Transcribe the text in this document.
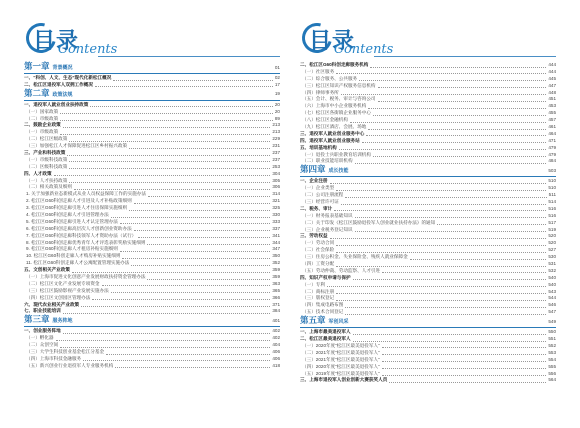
目录
Contents
第一章 背景概况	01
一、“科创、人文、生态”现代化新松江概况	02
二、松江区退役军人双拥工作概况	17
第二章 政策法规	19
一、退役军人就业创业扶持政策	20
（一）国家政策	20
（二）市级政策	89
二、鼓励企业政策	213
（一）市级政策	213
（二）松江区级政策	229
（三）加强松江人才保障促进松江区乡村振兴政策	231
三、产业和科技政策	237
（一）市级科技政策	237
（二）区级科技政策	253
四、人才政策	304
（一）人才扶持政策	305
（二）相关政策及细则	306
1. 关于加强新业态新模式从业人员权益保障工作的实施办法	314
2. 松江区G60科创走廊人才引进及人才补贴政策细则	321
3. 松江区G60科创走廊引进人才住房保障实施细则	325
4. 松江区G60科创走廊人才引进管理办法	330
5. 松江区G60科创走廊引进人才认定管理办法	333
6. 松江区G60科创走廊高层次人才创新创业资助办法	337
7. 松江区G60科创走廊科技领军人才资助办法（试行）	341
8. 松江区G60科创走廊优秀青年人才评选表彰奖励实施细则	344
9. 松江区G60科创走廊人才租房补贴实施细则	347
10. 松江区G60科创走廊人才购房补贴实施细则	350
11. 松江区G60科创走廊人才公寓配置管理实施办法	352
五、文创相关产业政策	359
（一）上海市促进文化创意产业发展财政扶持资金管理办法	359
（二）松江区文化产业发展专项资金	363
（三）松江区鼓励影视产业发展实施办法	365
（四）松江区文创园区管理办法	366
六、现代农业相关产业政策	371
七、职业技能培训	384
第三章 服务阵地	401
一、创业服务阵地	402
（一）孵化器	402
（二）众创空间	404
（三）大学生科技创业基金松江分基金	406
（四）上海市科技金融服务	406
（五）新兴创业行业退役军人专业服务机构	418
目录
Contents
二、松江区G60科创走廊服务机构	444
（一）社区服务	444
（二）综合服务、公共服务	445
（三）松江区知识产权服务信息机构	447
（四）律师事务所	448
（五）会计、税务、审计与咨询公司	451
（六）上海市中小企业服务机构	453
（七）松江区各街镇企业服务中心	455
（八）松江区金融机构	457
（九）松江区酒店、会展、场地	461
三、退役军人就业创业服务中心	464
四、退役军人就业创业服务站	471
五、培训基地机构	479
（一）退役士兵职业教育培训机构	479
（二）职业技能培训机构	484
第四章 成长技能	503
一、企业注册	510
（一）企业类型	510
（二）公司注册流程	511
（三）经营许可证	514
二、税务、审计	516
（一）财务报表基础知识	516
（二）关于印发《松江区鼓励退役军人创业就业扶持办法》的通知	517
（三）企业税务登记知识	519
三、劳动权益	520
（一）劳动合同	520
（二）社会保险	527
（三）住房公积金、失业保险金、残疾人就业保障金	530
（四）工资分配	531
（五）劳动仲裁、劳动监察、人才引进	532
四、知识产权申请与保护	540
（一）专利	540
（二）商标注册	543
（三）版权登记	544
（四）集成电路布图	546
（五）技术合同登记	547
第五章 军创风采	549
一、上海市最美退役军人	550
二、松江区最美退役军人	551
（一）2020年度“松江区最美退役军人”	552
（二）2021年度“松江区最美退役军人”	553
（三）2021年度“松江区最美退役军人”	554
（四）2020年度“松江区最美退役军人”	555
（五）2019年度“松江区最美退役军人”	556
三、上海市退役军人创业创新大赛获奖人员	564
